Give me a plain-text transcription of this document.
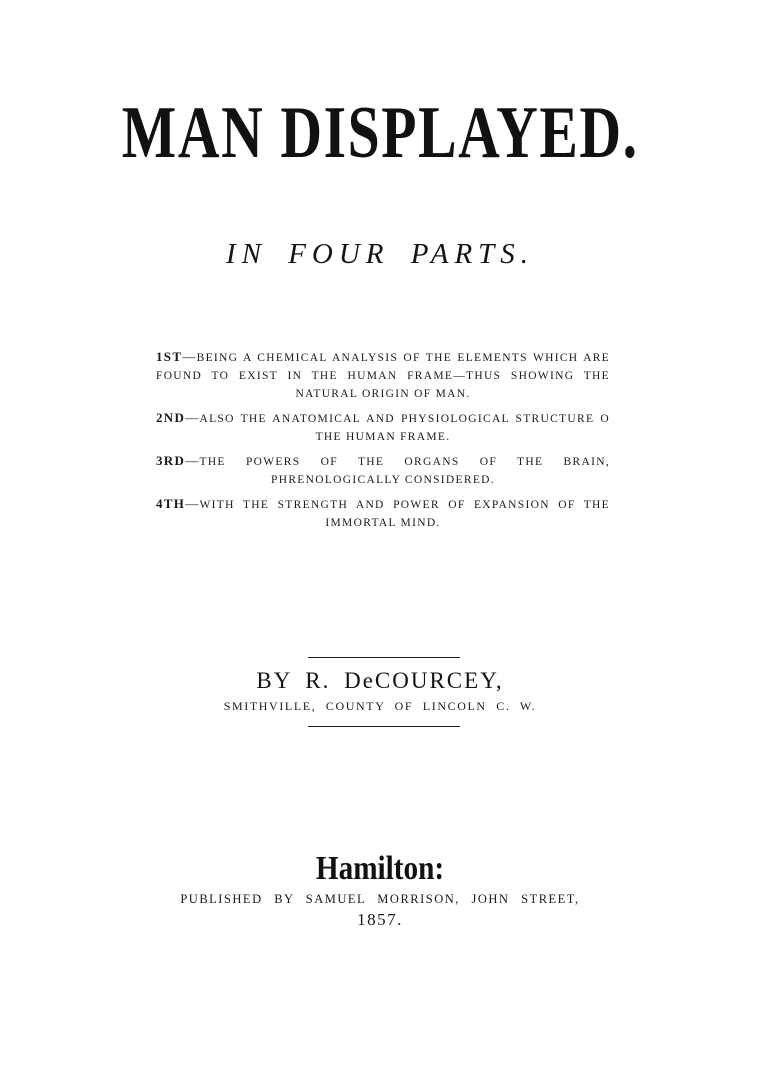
MAN DISPLAYED.
IN FOUR PARTS.

1ST—BEING A CHEMICAL ANALYSIS OF THE ELEMENTS WHICH ARE FOUND TO EXIST IN THE HUMAN FRAME—THUS SHOWING THE NATURAL ORIGIN OF MAN.

2ND—ALSO THE ANATOMICAL AND PHYSIOLOGICAL STRUCTURE O THE HUMAN FRAME.

3RD—THE POWERS OF THE ORGANS OF THE BRAIN, PHRENOLOGICALLY CONSIDERED.

4TH—WITH THE STRENGTH AND POWER OF EXPANSION OF THE IMMORTAL MIND.

BY R. DeCOURCEY,
SMITHVILLE, COUNTY OF LINCOLN C. W.
Hamilton:
PUBLISHED BY SAMUEL MORRISON, JOHN STREET,
1857.
